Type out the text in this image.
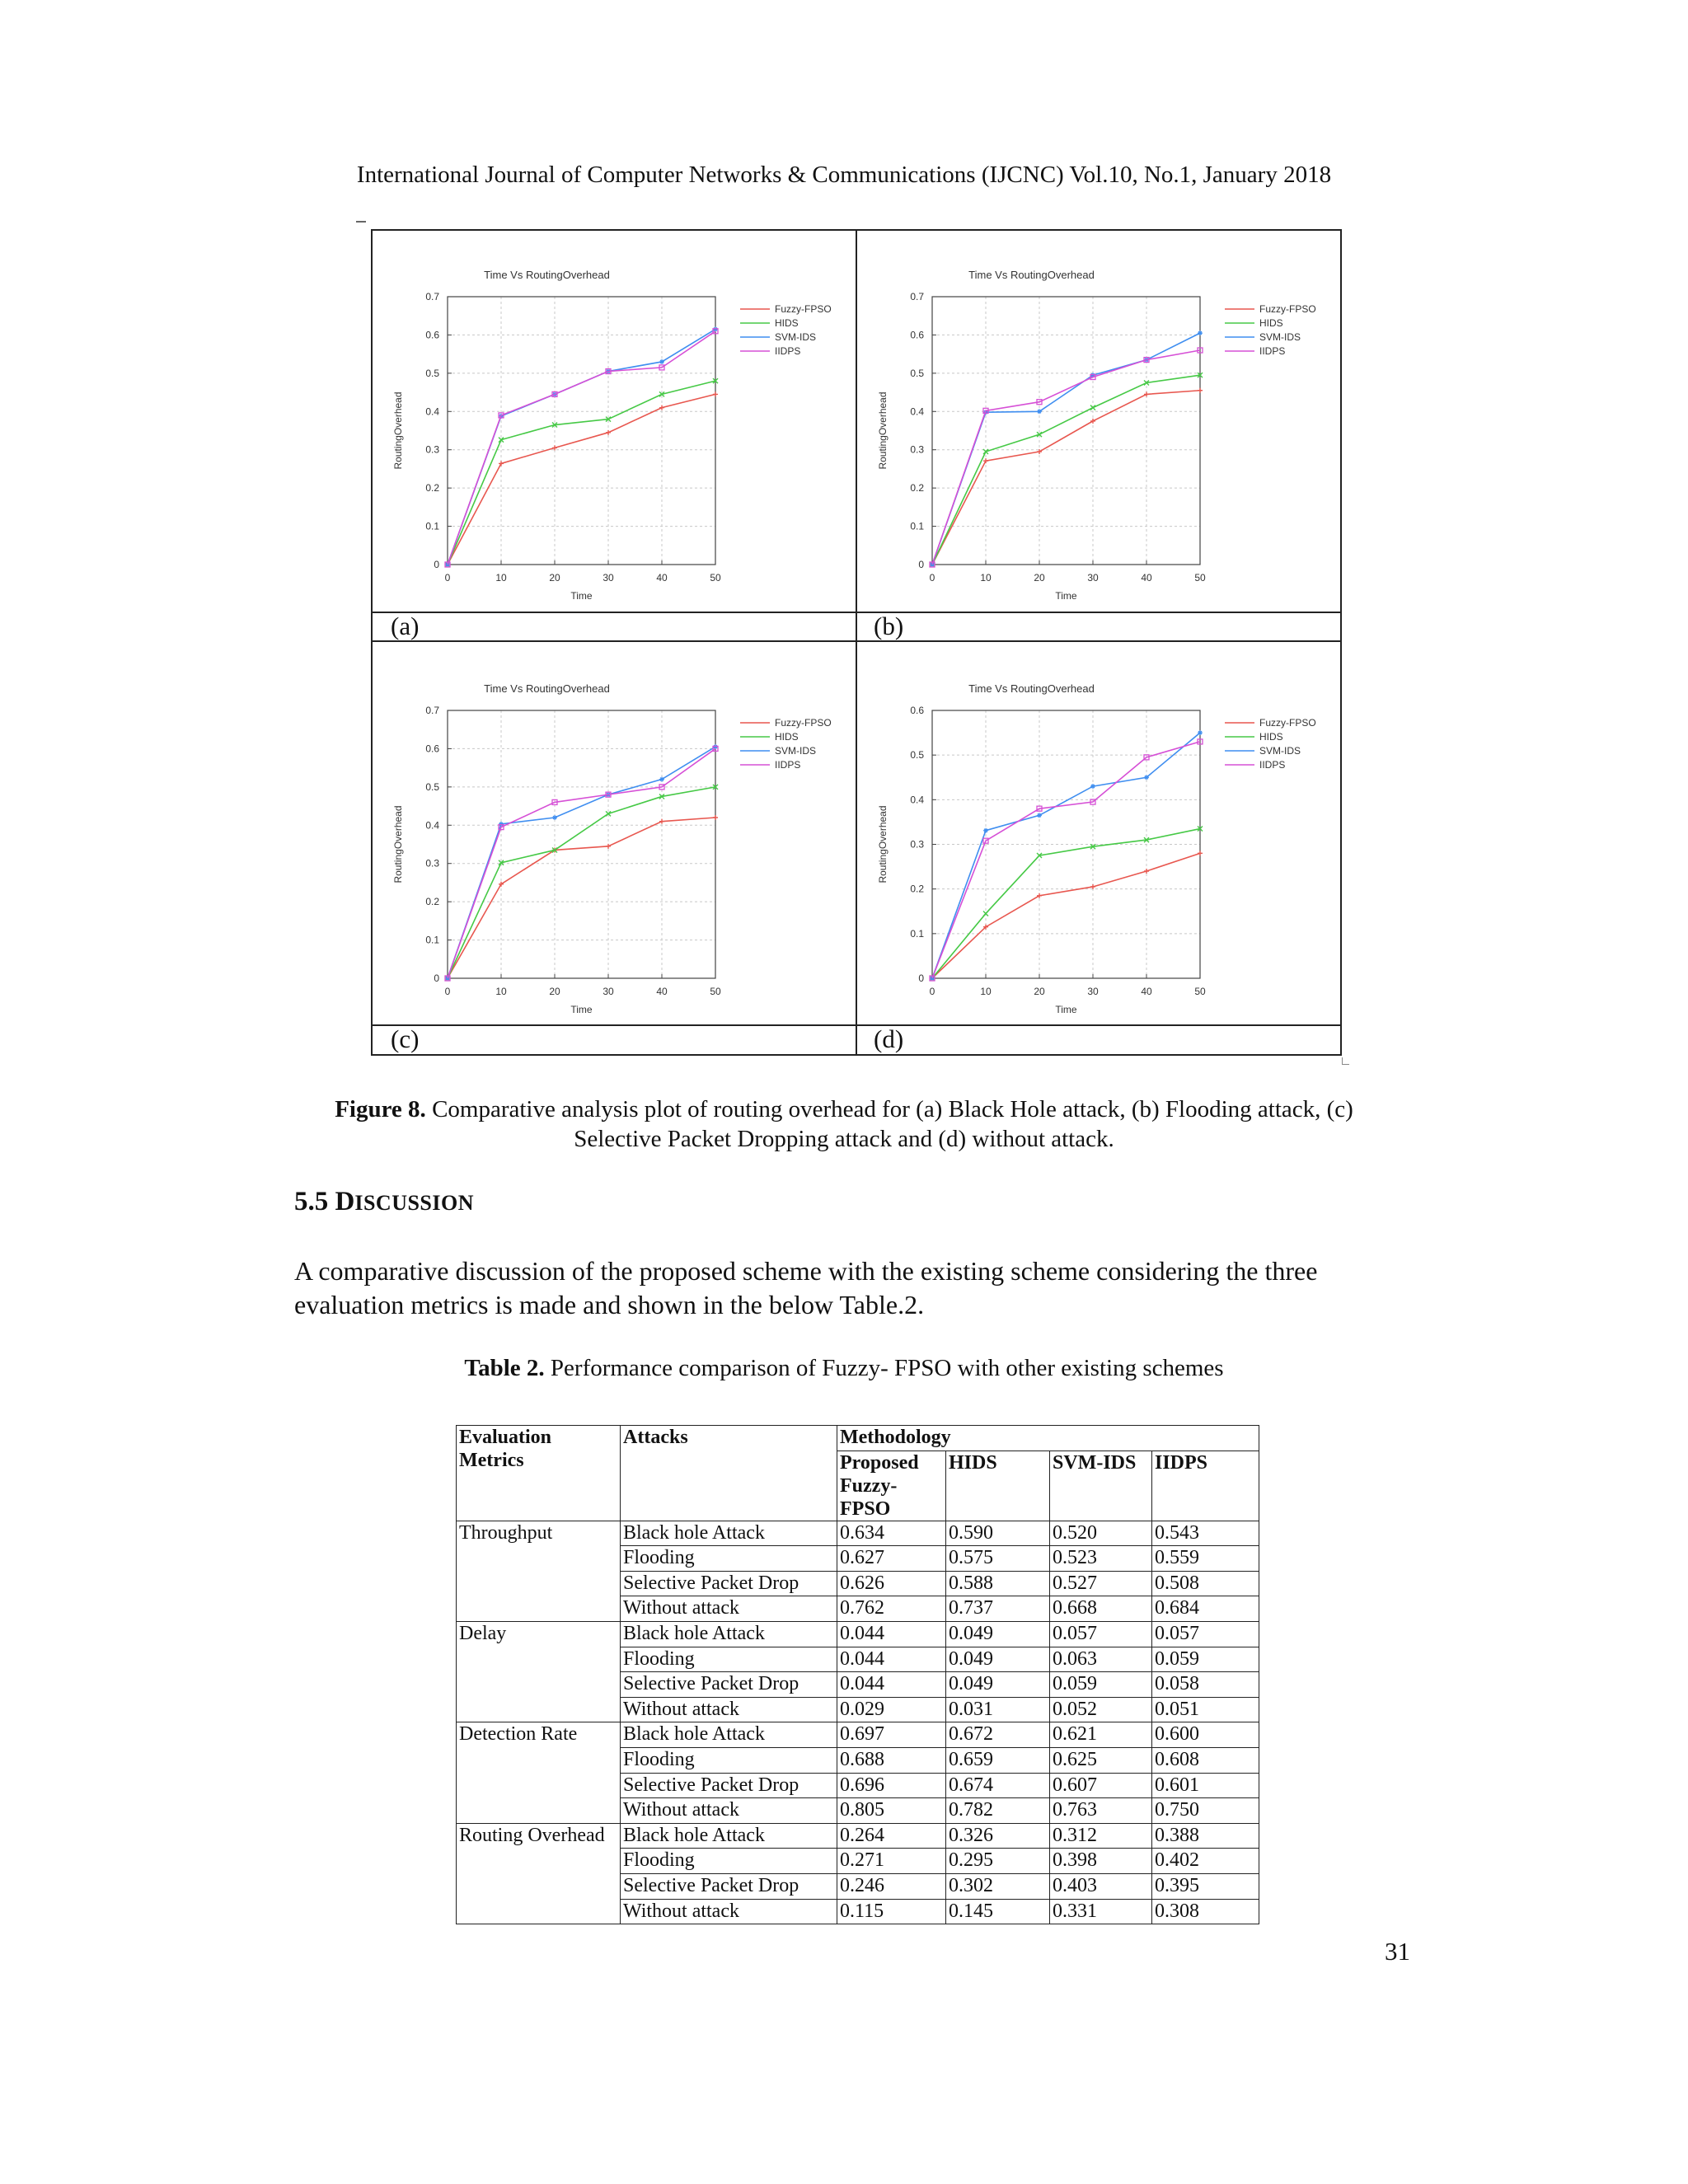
International Journal of Computer Networks & Communications (IJCNC) Vol.10, No.1, January 2018
(a)	(b)
(c)	(d)
Time Vs RoutingOverhead
0	10	20	30	40	50
0
0.1
0.2
0.3
0.4
0.5
0.6
0.7
Time
RoutingOverhead
Fuzzy-FPSO
HIDS
SVM-IDS
IIDPS
Time Vs RoutingOverhead
0	10	20	30	40	50
0
0.1
0.2
0.3
0.4
0.5
0.6
0.7
Time
RoutingOverhead
Fuzzy-FPSO
HIDS
SVM-IDS
IIDPS
Time Vs RoutingOverhead
0	10	20	30	40	50
0
0.1
0.2
0.3
0.4
0.5
0.6
0.7
Time
RoutingOverhead
Fuzzy-FPSO
HIDS
SVM-IDS
IIDPS
Time Vs RoutingOverhead
0	10	20	30	40	50
0
0.1
0.2
0.3
0.4
0.5
0.6
Time
RoutingOverhead
Fuzzy-FPSO
HIDS
SVM-IDS
IIDPS
Figure 8. Comparative analysis plot of routing overhead for (a) Black Hole attack, (b) Flooding attack, (c)
Selective Packet Dropping attack and (d) without attack.
5.5 DISCUSSION
A comparative discussion of the proposed scheme with the existing scheme considering the three evaluation metrics is made and shown in the below Table.2.
Table 2. Performance comparison of Fuzzy- FPSO with other existing schemes
Evaluation Metrics	Attacks	Methodology			
		Proposed Fuzzy- FPSO	HIDS	SVM-IDS	IIDPS
Throughput	Black hole Attack	0.634	0.590	0.520	0.543
	Flooding	0.627	0.575	0.523	0.559
	Selective Packet Drop	0.626	0.588	0.527	0.508
	Without attack	0.762	0.737	0.668	0.684
Delay	Black hole Attack	0.044	0.049	0.057	0.057
	Flooding	0.044	0.049	0.063	0.059
	Selective Packet Drop	0.044	0.049	0.059	0.058
	Without attack	0.029	0.031	0.052	0.051
Detection Rate	Black hole Attack	0.697	0.672	0.621	0.600
	Flooding	0.688	0.659	0.625	0.608
	Selective Packet Drop	0.696	0.674	0.607	0.601
	Without attack	0.805	0.782	0.763	0.750
Routing Overhead	Black hole Attack	0.264	0.326	0.312	0.388
	Flooding	0.271	0.295	0.398	0.402
	Selective Packet Drop	0.246	0.302	0.403	0.395
	Without attack	0.115	0.145	0.331	0.308
31
